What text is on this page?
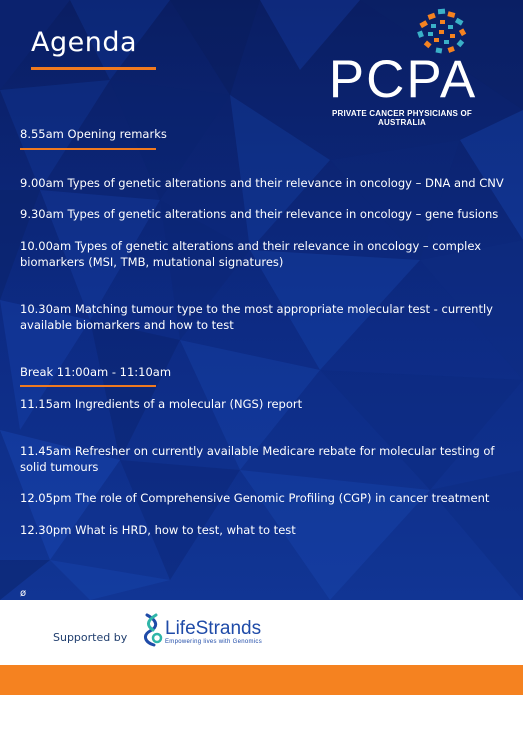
Agenda
PCPA
PRIVATE CANCER PHYSICIANS OF AUSTRALIA
8.55am Opening remarks
9.00am Types of genetic alterations and their relevance in oncology – DNA and CNV
9.30am Types of genetic alterations and their relevance in oncology – gene fusions
10.00am Types of genetic alterations and their relevance in oncology – complex
biomarkers (MSI, TMB, mutational signatures)
10.30am Matching tumour type to the most appropriate molecular test - currently
available biomarkers and how to test
Break 11:00am - 11:10am
11.15am Ingredients of a molecular (NGS) report
11.45am Refresher on currently available Medicare rebate for molecular testing of
solid tumours
12.05pm The role of Comprehensive Genomic Profiling (CGP) in cancer treatment
12.30pm What is HRD, how to test, what to test
ø
Supported by LifeStrands
Empowering lives with Genomics
